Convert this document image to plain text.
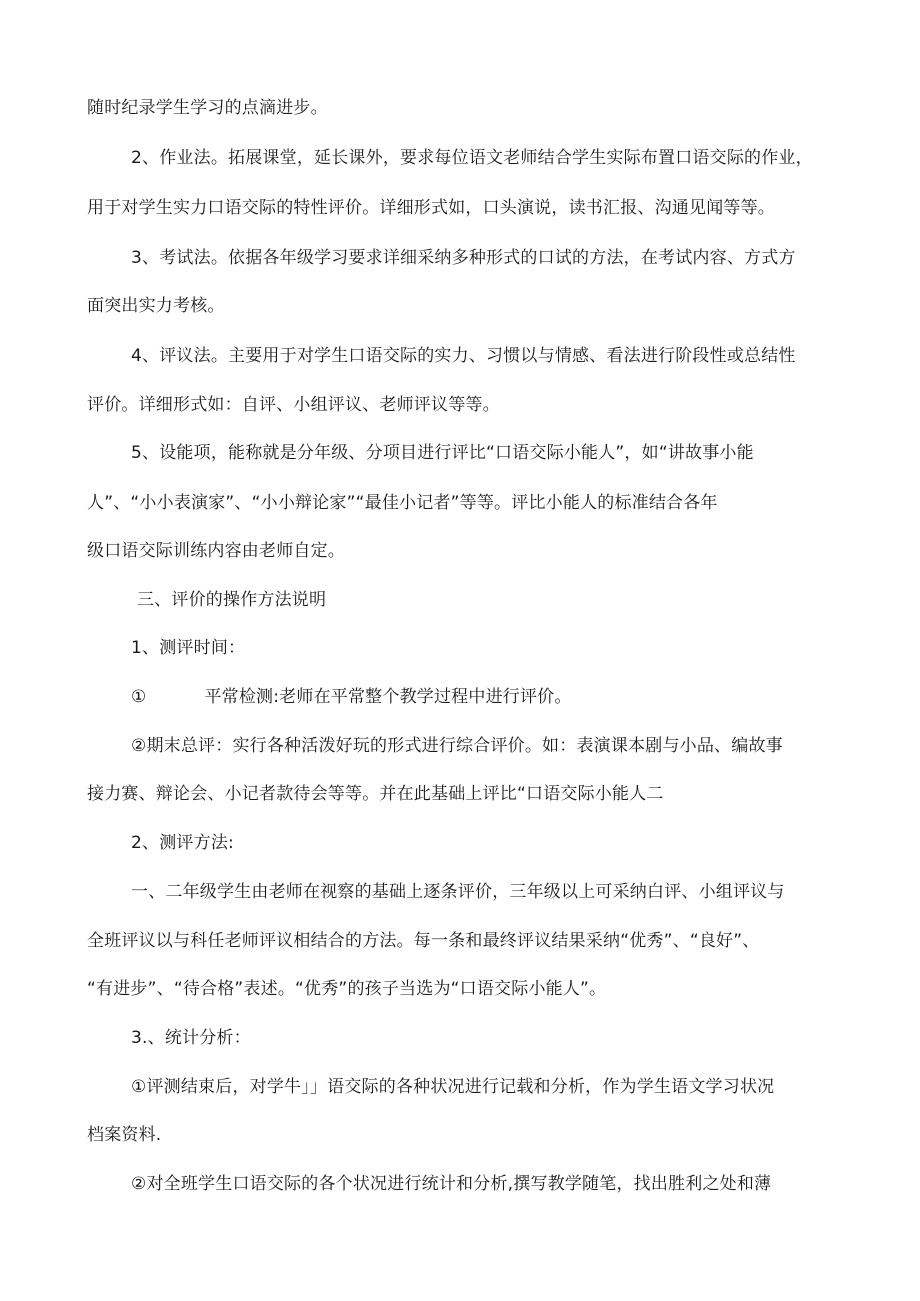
随时纪录学生学习的点滴进步。
2、作业法。拓展课堂，延长课外，要求每位语文老师结合学生实际布置口语交际的作业，
用于对学生实力口语交际的特性评价。详细形式如，口头演说，读书汇报、沟通见闻等等。
3、考试法。依据各年级学习要求详细采纳多种形式的口试的方法，在考试内容、方式方
面突出实力考核。
4、评议法。主要用于对学生口语交际的实力、习惯以与情感、看法进行阶段性或总结性
评价。详细形式如：自评、小组评议、老师评议等等。
5、设能项，能称就是分年级、分项目进行评比“口语交际小能人”，如“讲故事小能
人”、“小小表演家”、“小小辩论家”“最佳小记者”等等。评比小能人的标准结合各年
级口语交际训练内容由老师自定。
三、评价的操作方法说明
1、测评时间：
①	平常检测:老师在平常整个教学过程中进行评价。
②期末总评：实行各种活泼好玩的形式进行综合评价。如：表演课本剧与小品、编故事
接力赛、辩论会、小记者款待会等等。并在此基础上评比“口语交际小能人二
2、测评方法:
一、二年级学生由老师在视察的基础上逐条评价，三年级以上可采纳白评、小组评议与
全班评议以与科任老师评议相结合的方法。每一条和最终评议结果采纳“优秀”、“良好”、
“有进步”、“待合格”表述。“优秀”的孩子当选为“口语交际小能人”。
3.、统计分析：
①评测结束后，对学牛」」语交际的各种状况进行记载和分析，作为学生语文学习状况
档案资料.
②对全班学生口语交际的各个状况进行统计和分析,撰写教学随笔，找出胜利之处和薄
